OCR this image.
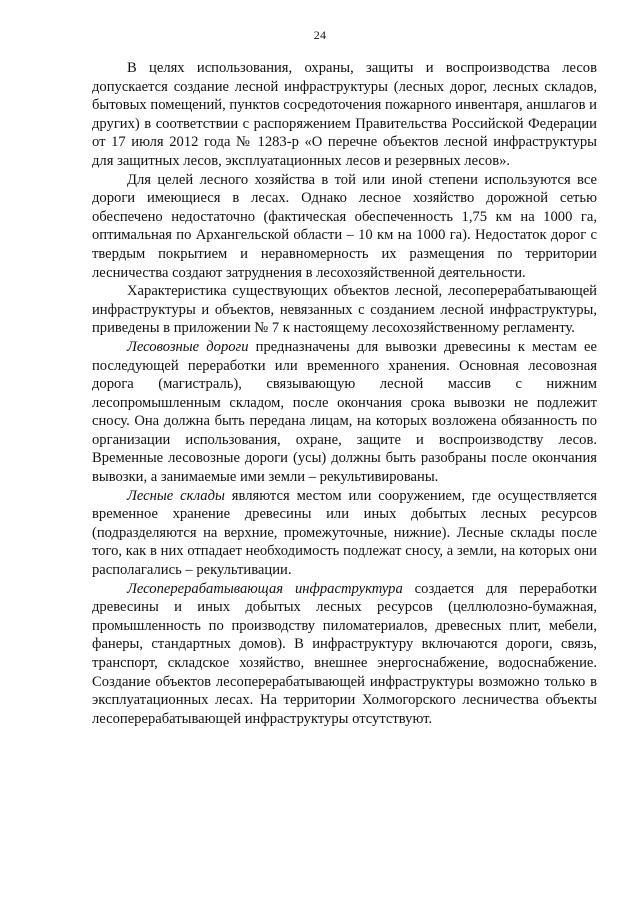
24

В целях использования, охраны, защиты и воспроизводства лесов допускается создание лесной инфраструктуры (лесных дорог, лесных складов, бытовых помещений, пунктов сосредоточения пожарного инвентаря, аншлагов и других) в соответствии с распоряжением Правительства Российской Федерации от 17 июля 2012 года № 1283-р «О перечне объектов лесной инфраструктуры для защитных лесов, эксплуатационных лесов и резервных лесов».

Для целей лесного хозяйства в той или иной степени используются все дороги имеющиеся в лесах. Однако лесное хозяйство дорожной сетью обеспечено недостаточно (фактическая обеспеченность 1,75 км на 1000 га, оптимальная по Архангельской области – 10 км на 1000 га). Недостаток дорог с твердым покрытием и неравномерность их размещения по территории лесничества создают затруднения в лесохозяйственной деятельности.

Характеристика существующих объектов лесной, лесоперерабатывающей инфраструктуры и объектов, невязанных с созданием лесной инфраструктуры, приведены в приложении № 7 к настоящему лесохозяйственному регламенту.

Лесовозные дороги предназначены для вывозки древесины к местам ее последующей переработки или временного хранения. Основная лесовозная дорога (магистраль), связывающую лесной массив с нижним лесопромышленным складом, после окончания срока вывозки не подлежит сносу. Она должна быть передана лицам, на которых возложена обязанность по организации использования, охране, защите и воспроизводству лесов. Временные лесовозные дороги (усы) должны быть разобраны после окончания вывозки, а занимаемые ими земли – рекультивированы.

Лесные склады являются местом или сооружением, где осуществляется временное хранение древесины или иных добытых лесных ресурсов (подразделяются на верхние, промежуточные, нижние). Лесные склады после того, как в них отпадает необходимость подлежат сносу, а земли, на которых они располагались – рекультивации.

Лесоперерабатывающая инфраструктура создается для переработки древесины и иных добытых лесных ресурсов (целлюлозно-бумажная, промышленность по производству пиломатериалов, древесных плит, мебели, фанеры, стандартных домов). В инфраструктуру включаются дороги, связь, транспорт, складское хозяйство, внешнее энергоснабжение, водоснабжение. Создание объектов лесоперерабатывающей инфраструктуры возможно только в эксплуатационных лесах. На территории Холмогорского лесничества объекты лесоперерабатывающей инфраструктуры отсутствуют.
